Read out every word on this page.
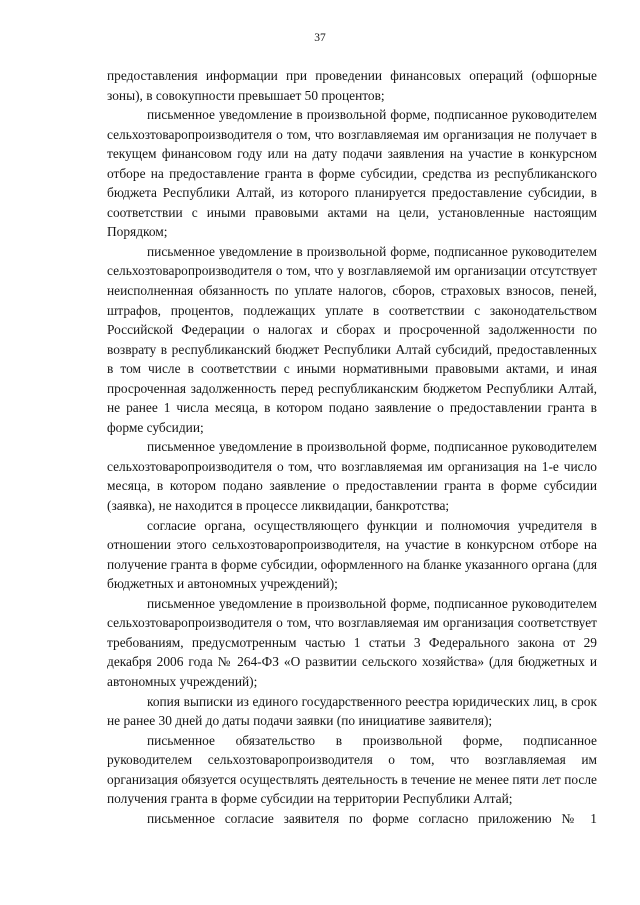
37

предоставления информации при проведении финансовых операций (офшорные зоны), в совокупности превышает 50 процентов;

письменное уведомление в произвольной форме, подписанное руководителем сельхозтоваропроизводителя о том, что возглавляемая им организация не получает в текущем финансовом году или на дату подачи заявления на участие в конкурсном отборе на предоставление гранта в форме субсидии, средства из республиканского бюджета Республики Алтай, из которого планируется предоставление субсидии, в соответствии с иными правовыми актами на цели, установленные настоящим Порядком;

письменное уведомление в произвольной форме, подписанное руководителем сельхозтоваропроизводителя о том, что у возглавляемой им организации отсутствует неисполненная обязанность по уплате налогов, сборов, страховых взносов, пеней, штрафов, процентов, подлежащих уплате в соответствии с законодательством Российской Федерации о налогах и сборах и просроченной задолженности по возврату в республиканский бюджет Республики Алтай субсидий, предоставленных в том числе в соответствии с иными нормативными правовыми актами, и иная просроченная задолженность перед республиканским бюджетом Республики Алтай, не ранее 1 числа месяца, в котором подано заявление о предоставлении гранта в форме субсидии;

письменное уведомление в произвольной форме, подписанное руководителем сельхозтоваропроизводителя о том, что возглавляемая им организация на 1-е число месяца, в котором подано заявление о предоставлении гранта в форме субсидии (заявка), не находится в процессе ликвидации, банкротства;

согласие органа, осуществляющего функции и полномочия учредителя в отношении этого сельхозтоваропроизводителя, на участие в конкурсном отборе на получение гранта в форме субсидии, оформленного на бланке указанного органа (для бюджетных и автономных учреждений);

письменное уведомление в произвольной форме, подписанное руководителем сельхозтоваропроизводителя о том, что возглавляемая им организация соответствует требованиям, предусмотренным частью 1 статьи 3 Федерального закона от 29 декабря 2006 года № 264-ФЗ «О развитии сельского хозяйства» (для бюджетных и автономных учреждений);

копия выписки из единого государственного реестра юридических лиц, в срок не ранее 30 дней до даты подачи заявки (по инициативе заявителя);

письменное обязательство в произвольной форме, подписанное руководителем сельхозтоваропроизводителя о том, что возглавляемая им организация обязуется осуществлять деятельность в течение не менее пяти лет после получения гранта в форме субсидии на территории Республики Алтай;

письменное согласие заявителя по форме согласно приложению № 1
